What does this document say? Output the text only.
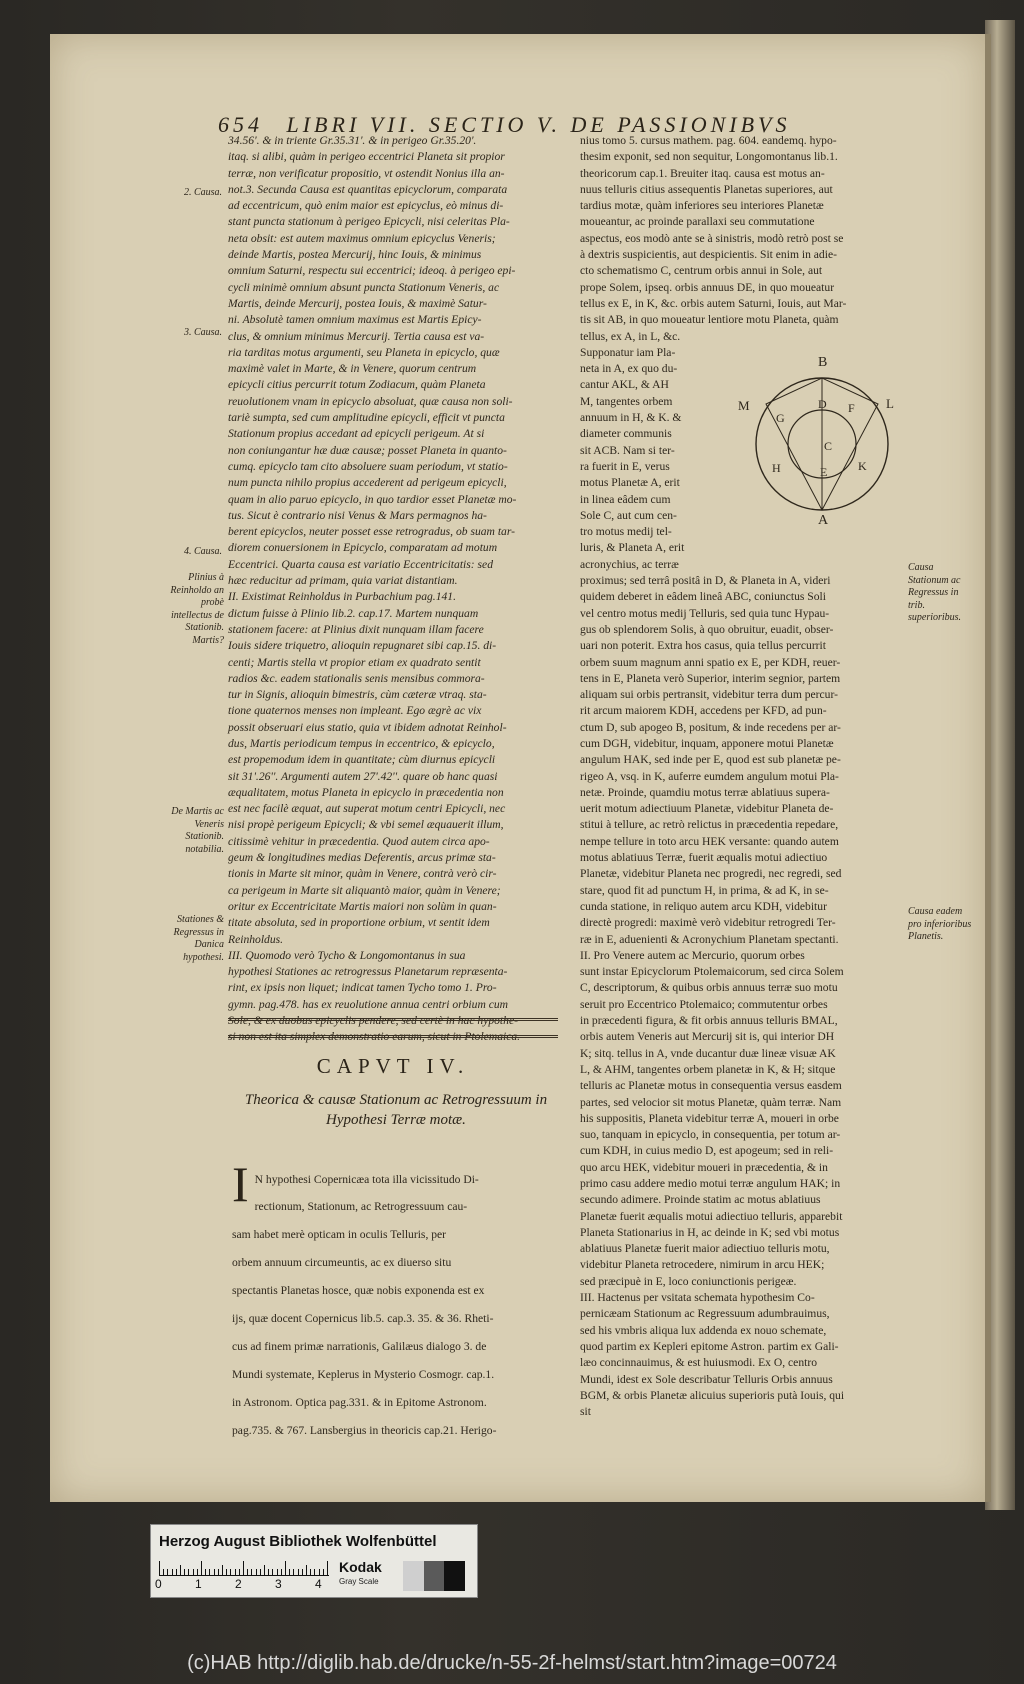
654 LIBRI VII. SECTIO V. DE PASSIONIBVS
2. Causa.
3. Causa.
4. Causa.
Plinius à Reinholdo an probè intellectus de Stationib. Martis?
De Martis ac Veneris Stationib. notabilia.
Stationes & Regressus in Danica hypothesi.

34.56'. & in triente Gr.35.31'. & in perigeo Gr.35.20'.

itaq. si alibi, quàm in perigeo eccentrici Planeta sit propior

terræ, non verificatur propositio, vt ostendit Nonius illa an-

not.3. Secunda Causa est quantitas epicyclorum, comparata

ad eccentricum, quò enim maior est epicyclus, eò minus di-

stant puncta stationum à perigeo Epicycli, nisi celeritas Pla-

neta obsit: est autem maximus omnium epicyclus Veneris;

deinde Martis, postea Mercurij, hinc Iouis, & minimus

omnium Saturni, respectu sui eccentrici; ideoq. à perigeo epi-

cycli minimè omnium absunt puncta Stationum Veneris, ac

Martis, deinde Mercurij, postea Iouis, & maximè Satur-

ni. Absolutè tamen omnium maximus est Martis Epicy-

clus, & omnium minimus Mercurij. Tertia causa est va-

ria tarditas motus argumenti, seu Planeta in epicyclo, quæ

maximè valet in Marte, & in Venere, quorum centrum

epicycli citius percurrit totum Zodiacum, quàm Planeta

reuolutionem vnam in epicyclo absoluat, quæ causa non soli-

tariè sumpta, sed cum amplitudine epicycli, efficit vt puncta

Stationum propius accedant ad epicycli perigeum. At si

non coniungantur hæ duæ causæ; posset Planeta in quanto-

cumq. epicyclo tam cito absoluere suam periodum, vt statio-

num puncta nihilo propius accederent ad perigeum epicycli,

quam in alio paruo epicyclo, in quo tardior esset Planetæ mo-

tus. Sicut è contrario nisi Venus & Mars permagnos ha-

berent epicyclos, neuter posset esse retrogradus, ob suam tar-

diorem conuersionem in Epicyclo, comparatam ad motum

Eccentrici. Quarta causa est variatio Eccentricitatis: sed

hæc reducitur ad primam, quia variat distantiam.

II. Existimat Reinholdus in Purbachium pag.141.

dictum fuisse à Plinio lib.2. cap.17. Martem nunquam

stationem facere: at Plinius dixit nunquam illam facere

Iouis sidere triquetro, alioquin repugnaret sibi cap.15. di-

centi; Martis stella vt propior etiam ex quadrato sentit

radios &c. eadem stationalis senis mensibus commora-

tur in Signis, alioquin bimestris, cùm cæteræ vtraq. sta-

tione quaternos menses non impleant. Ego ægrè ac vix

possit obseruari eius statio, quia vt ibidem adnotat Reinhol-

dus, Martis periodicum tempus in eccentrico, & epicyclo,

est propemodum idem in quantitate; cùm diurnus epicycli

sit 31'.26''. Argumenti autem 27'.42''. quare ob hanc quasi

æqualitatem, motus Planeta in epicyclo in præcedentia non

est nec facilè æquat, aut superat motum centri Epicycli, nec

nisi propè perigeum Epicycli; & vbi semel æquauerit illum,

citissimè vehitur in præcedentia. Quod autem circa apo-

geum & longitudines medias Deferentis, arcus primæ sta-

tionis in Marte sit minor, quàm in Venere, contrà verò cir-

ca perigeum in Marte sit aliquantò maior, quàm in Venere;

oritur ex Eccentricitate Martis maiori non solùm in quan-

titate absoluta, sed in proportione orbium, vt sentit idem

Reinholdus.

III. Quomodo verò Tycho & Longomontanus in sua

hypothesi Stationes ac retrogressus Planetarum repræsenta-

rint, ex ipsis non liquet; indicat tamen Tycho tomo 1. Pro-

gymn. pag.478. has ex reuolutione annua centri orbium cum

Sole, & ex duobus epicyclis pendere, sed certè in hac hypothe-

si non est ita simplex demonstratio earum, sicut in Ptolemaica.

nius tomo 5. cursus mathem. pag. 604. eandemq. hypo-

thesim exponit, sed non sequitur, Longomontanus lib.1.

theoricorum cap.1. Breuiter itaq. causa est motus an-

nuus telluris citius assequentis Planetas superiores, aut

tardius motæ, quàm inferiores seu interiores Planetæ

moueantur, ac proinde parallaxi seu commutatione

aspectus, eos modò ante se à sinistris, modò retrò post se

à dextris suspicientis, aut despicientis. Sit enim in adie-

cto schematismo C, centrum orbis annui in Sole, aut

prope Solem, ipseq. orbis annuus DE, in quo moueatur

tellus ex E, in K, &c. orbis autem Saturni, Iouis, aut Mar-

tis sit AB, in quo moueatur lentiore motu Planeta, quàm

tellus, ex A, in L, &c.

Supponatur iam Pla-

neta in A, ex quo du-

cantur AKL, & AH

M, tangentes orbem

annuum in H, & K. &

diameter communis

sit ACB. Nam si ter-

ra fuerit in E, verus

motus Planetæ A, erit

in linea eâdem cum

Sole C, aut cum cen-

tro motus medij tel-

luris, & Planeta A, erit

acronychius, ac terræ

proximus; sed terrâ positâ in D, & Planeta in A, videri

quidem deberet in eâdem lineâ ABC, coniunctus Soli

vel centro motus medij Telluris, sed quia tunc Hypau-

gus ob splendorem Solis, à quo obruitur, euadit, obser-

uari non poterit. Extra hos casus, quia tellus percurrit

orbem suum magnum anni spatio ex E, per KDH, reuer-

tens in E, Planeta verò Superior, interim segnior, partem

aliquam sui orbis pertransit, videbitur terra dum percur-

rit arcum maiorem KDH, accedens per KFD, ad pun-

ctum D, sub apogeo B, positum, & inde recedens per ar-

cum DGH, videbitur, inquam, apponere motui Planetæ

angulum HAK, sed inde per E, quod est sub planetæ pe-

rigeo A, vsq. in K, auferre eumdem angulum motui Pla-

netæ. Proinde, quamdiu motus terræ ablatiuus supera-

uerit motum adiectiuum Planetæ, videbitur Planeta de-

stitui à tellure, ac retrò relictus in præcedentia repedare,

nempe tellure in toto arcu HEK versante: quando autem

motus ablatiuus Terræ, fuerit æqualis motui adiectiuo

Planetæ, videbitur Planeta nec progredi, nec regredi, sed

stare, quod fit ad punctum H, in prima, & ad K, in se-

cunda statione, in reliquo autem arcu KDH, videbitur

directè progredi: maximè verò videbitur retrogredi Ter-

ræ in E, aduenienti & Acronychium Planetam spectanti.

II. Pro Venere autem ac Mercurio, quorum orbes

sunt instar Epicyclorum Ptolemaicorum, sed circa Solem

C, descriptorum, & quibus orbis annuus terræ suo motu

seruit pro Eccentrico Ptolemaico; commutentur orbes

in præcedenti figura, & fit orbis annuus telluris BMAL,

orbis autem Veneris aut Mercurij sit is, qui interior DH

K; sitq. tellus in A, vnde ducantur duæ lineæ visuæ AK

L, & AHM, tangentes orbem planetæ in K, & H; sitque

telluris ac Planetæ motus in consequentia versus easdem

partes, sed velocior sit motus Planetæ, quàm terræ. Nam

his suppositis, Planeta videbitur terræ A, moueri in orbe

suo, tanquam in epicyclo, in consequentia, per totum ar-

cum KDH, in cuius medio D, est apogeum; sed in reli-

quo arcu HEK, videbitur moueri in præcedentia, & in

primo casu addere medio motui terræ angulum HAK; in

secundo adimere. Proinde statim ac motus ablatiuus

Planetæ fuerit æqualis motui adiectiuo telluris, apparebit

Planeta Stationarius in H, ac deinde in K; sed vbi motus

ablatiuus Planetæ fuerit maior adiectiuo telluris motu,

videbitur Planeta retrocedere, nimirum in arcu HEK;

sed præcipuè in E, loco coniunctionis perigeæ.

III. Hactenus per vsitata schemata hypothesim Co-

pernicæam Stationum ac Regressuum adumbrauimus,

sed his vmbris aliqua lux addenda ex nouo schemate,

quod partim ex Kepleri epitome Astron. partim ex Gali-

læo concinnauimus, & est huiusmodi. Ex O, centro

Mundi, idest ex Sole describatur Telluris Orbis annuus

BGM, & orbis Planetæ alicuius superioris putà Iouis, qui

sit

Causa Stationum ac Regressus in trib. superioribus.
Causa eadem pro inferioribus Planetis.
B
L
M	D F
G
C
H	K
E
A
CAPVT IV.
Theorica & causæ Stationum ac Retrogressuum in Hypothesi Terræ motæ.
I N hypothesi Copernicæa tota illa vicissitudo Di-

rectionum, Stationum, ac Retrogressuum cau-

sam habet merè opticam in oculis Telluris, per

orbem annuum circumeuntis, ac ex diuerso situ

spectantis Planetas hosce, quæ nobis exponenda est ex

ijs, quæ docent Copernicus lib.5. cap.3. 35. & 36. Rheti-

cus ad finem primæ narrationis, Galilæus dialogo 3. de

Mundi systemate, Keplerus in Mysterio Cosmogr. cap.1.

in Astronom. Optica pag.331. & in Epitome Astronom.

pag.735. & 767. Lansbergius in theoricis cap.21. Herigo-

Herzog August Bibliothek Wolfenbüttel
0	1	2	3	4
Kodak
Gray Scale
(c)HAB http://diglib.hab.de/drucke/n-55-2f-helmst/start.htm?image=00724
